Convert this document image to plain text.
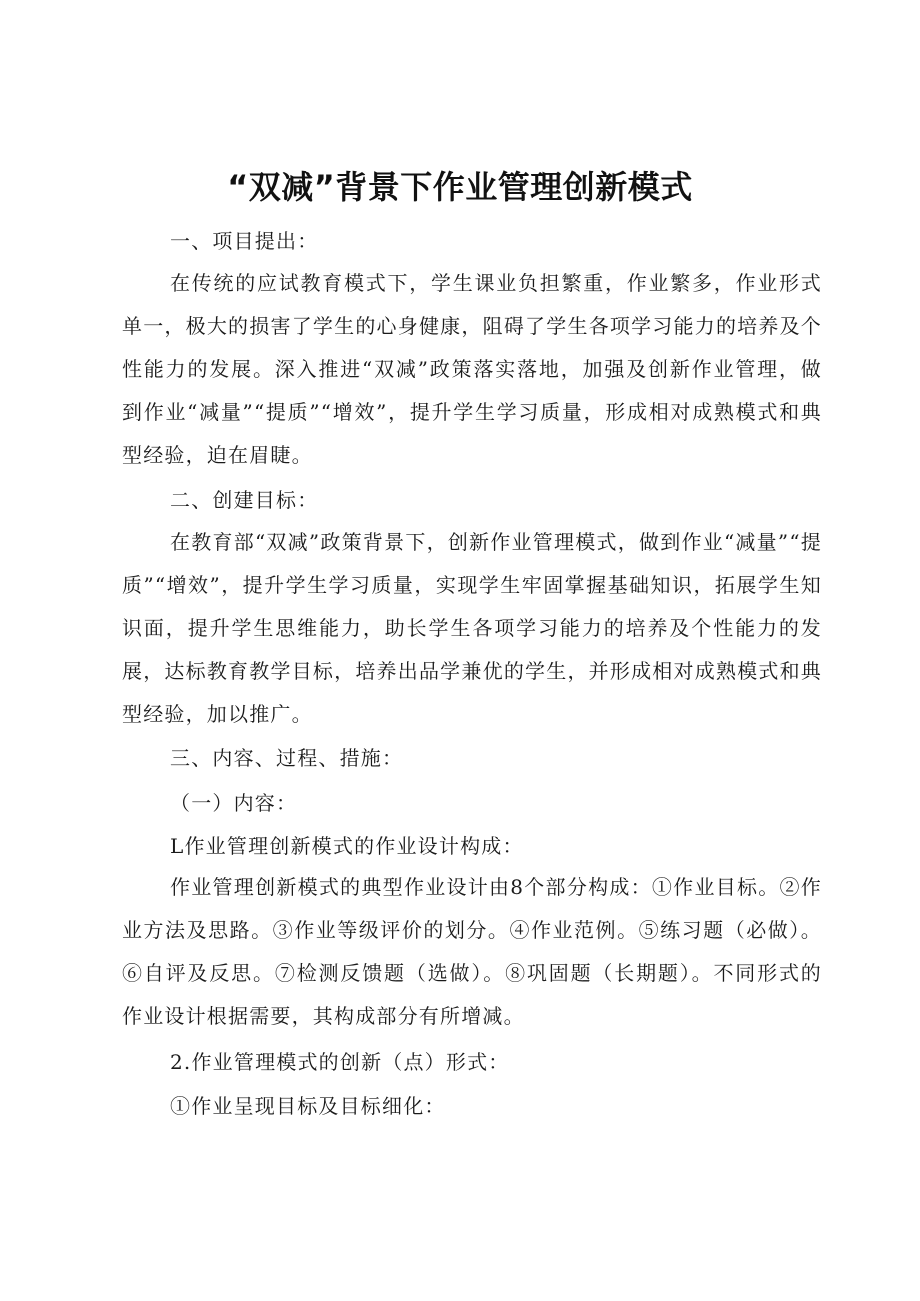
“双减”背景下作业管理创新模式
一、项目提出：
在传统的应试教育模式下，学生课业负担繁重，作业繁多，作业形式单一，极大的损害了学生的心身健康，阻碍了学生各项学习能力的培养及个性能力的发展。深入推进“双减”政策落实落地，加强及创新作业管理，做到作业“减量”“提质”“增效”，提升学生学习质量，形成相对成熟模式和典型经验，迫在眉睫。
二、创建目标：
在教育部“双减”政策背景下，创新作业管理模式，做到作业“减量”“提质”“增效”，提升学生学习质量，实现学生牢固掌握基础知识，拓展学生知识面，提升学生思维能力，助长学生各项学习能力的培养及个性能力的发展，达标教育教学目标，培养出品学兼优的学生，并形成相对成熟模式和典型经验，加以推广。
三、内容、过程、措施：
（一）内容：
L作业管理创新模式的作业设计构成：
作业管理创新模式的典型作业设计由8个部分构成：①作业目标。②作业方法及思路。③作业等级评价的划分。④作业范例。⑤练习题（必做）。⑥自评及反思。⑦检测反馈题（选做）。⑧巩固题（长期题）。不同形式的作业设计根据需要，其构成部分有所增减。
2.作业管理模式的创新（点）形式：
①作业呈现目标及目标细化：
